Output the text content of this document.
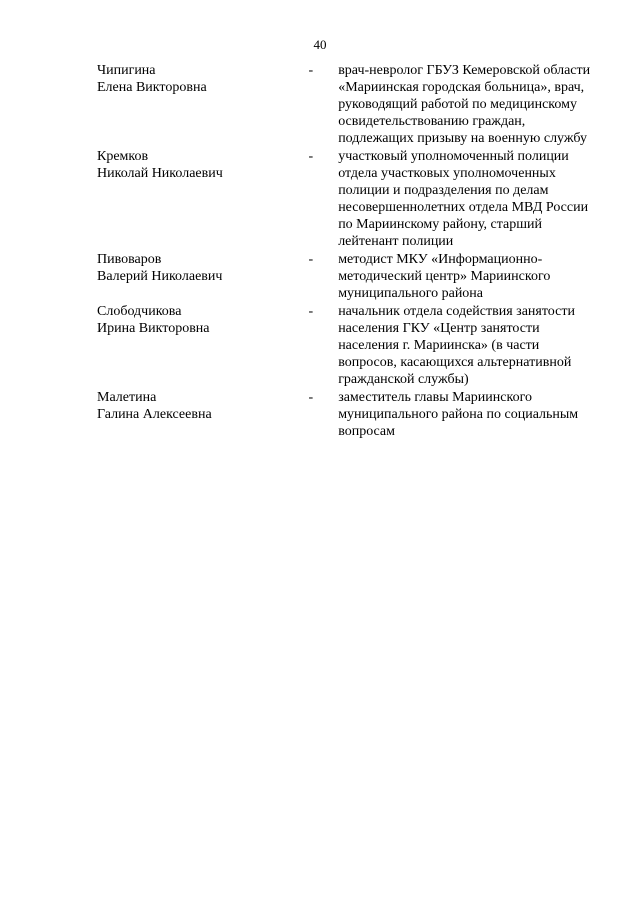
40
Чипигина
Елена Викторовна
-	врач-невролог ГБУЗ Кемеровской области «Мариинская городская больница», врач, руководящий работой по медицинскому освидетельствованию граждан, подлежащих призыву на военную службу
Кремков
Николай Николаевич
-	участковый уполномоченный полиции отдела участковых уполномоченных полиции и подразделения по делам несовершеннолетних отдела МВД России по Мариинскому району, старший лейтенант полиции
Пивоваров
Валерий Николаевич
-	методист МКУ «Информационно-методический центр» Мариинского муниципального района
Слободчикова
Ирина Викторовна
-	начальник отдела содействия занятости населения ГКУ «Центр занятости населения г. Мариинска» (в части вопросов, касающихся альтернативной гражданской службы)
Малетина
Галина Алексеевна
-	заместитель главы Мариинского муниципального района по социальным вопросам
